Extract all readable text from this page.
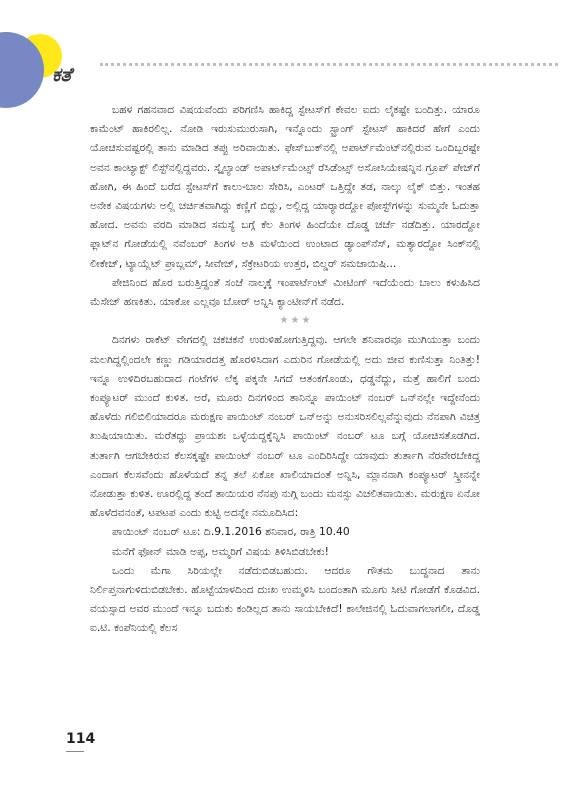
ಕತೆ

ಬಹಳ ಗಹನವಾದ ವಿಷಯವೆಂದು ಪರಿಗಣಿಸಿ ಹಾಕಿದ್ದ ಸ್ಟೇಟಸ್‌ಗೆ ಕೇವಲ ಐದು ಲೈಕಷ್ಟೇ ಬಂದಿತ್ತು. ಯಾರೂ ಕಾಮೆಂಟ್ ಹಾಕಿರಲಿಲ್ಲ. ನೋಡಿ ಇರುಸುಮುರುಸಾಗಿ, ಇನ್ನೊಂದು ಸ್ಟ್ರಾಂಗ್ ಸ್ಟೇಟಸ್ ಹಾಕಿದರೆ ಹೇಗೆ ಎಂದು ಯೋಚಿಸುವಷ್ಟರಲ್ಲಿ ತಾನು ಮಾಡಿದ ತಪ್ಪು ಅರಿವಾಯಿತು. ಫೇಸ್‌ಬುಕ್‌ನಲ್ಲಿ ಅಪಾರ್ಟ್‌ಮೆಂಟ್‌ನಲ್ಲಿರುವ ಒಂದಿಬ್ಬರಷ್ಟೇ ಅವನ ಕಾಂಟ್ಯಾಕ್ಟ್ ಲಿಸ್ಟ್‌ನಲ್ಲಿದ್ದವರು. ಸ್ಕೈಲ್ಯಾಂಡ್ ಅಪಾರ್ಟ್‌ಮೆಂಟ್ಸ್ ರೆಸಿಡೆಂಟ್ಸ್ ಅಸೋಸಿಯೇಷನ್ನಿನ ಗ್ರೂಪ್ ಪೇಜ್‌ಗೆ ಹೋಗಿ, ಈ ಹಿಂದೆ ಬರೆದ ಸ್ಟೇಟಸ್‌ಗೆ ಕಾಲು-ಬಾಲ ಸೇರಿಸಿ, ಎಂಟರ್ ಒತ್ತಿದ್ದೇ ತಡ, ನಾಲ್ಕು ಲೈಕ್ ಬಿತ್ತು. ಇಂತಹ ಅನೇಕ ವಿಷಯಗಳು ಅಲ್ಲಿ ಚರ್ಚಿತವಾಗಿದ್ದು ಕಣ್ಣಿಗೆ ಬಿದ್ದು, ಅಲ್ಲಿದ್ದ ಯಾರ್‍ಯಾರದ್ದೋ ಪೋಸ್ಟ್‌ಗಳನ್ನು ಸುಮ್ಮನೇ ಓದುತ್ತಾ ಹೋದ. ಅವನು ವರದಿ ಮಾಡಿದ ಸಮಸ್ಯೆ ಬಗ್ಗೆ ಕೆಲ ತಿಂಗಳ ಹಿಂದೆಯೇ ದೊಡ್ಡ ಚರ್ಚೆ ನಡೆದಿತ್ತು. ಯಾರದ್ದೋ ಫ್ಲಾಟ್‌ನ ಗೋಡೆಯಲ್ಲಿ ನವೆಂಬರ್ ತಿಂಗಳ ಅತಿ ಮಳೆಯಿಂದ ಉಂಟಾದ ಡ್ಯಾಂಪ್‌ನೆಸ್, ಮತ್ಯಾರದ್ದೋ ಸಿಂಕ್‌ನಲ್ಲಿ ಲೀಕೇಜ್, ಟ್ಯಾಯ್ಲೆಟ್ ಪ್ರಾಬ್ಲಮ್, ಸೀವೇಜ್, ಸೆಕ್ರೇಟರಿಯ ಉತ್ತರ, ಬಿಲ್ಡರ್ ಸಮಜಾಯಿಷಿ...

ಪೇಜಿನಿಂದ ಹೊರ ಬರುತ್ತಿದ್ದಂತೆ ಸಂಜೆ ನಾಲ್ಕಕ್ಕೆ ಇಂಪಾರ್ಟೆಂಟ್ ಮೀಟಿಂಗ್ ಇದೆಯೆಂದು ಬಾಲು ಕಳುಹಿಸಿದ ಮೆಸೇಜ್ ಹಣಕಿತು. ಯಾಕೋ ಎಲ್ಲವೂ ಬೋರ್ ಅನ್ನಿಸಿ ಕ್ಯಾಂಟೀನ್‌ಗೆ ನಡೆದ.

★★★

ದಿನಗಳು ರಾಕೆಟ್ ವೇಗದಲ್ಲಿ ಚಕಚಕನೆ ಉರುಳಿಹೋಗುತ್ತಿದ್ದವು. ಆಗಲೇ ಶನಿವಾರವೂ ಮುಗಿಯುತ್ತಾ ಬಂದು ಮಲಗಿದ್ದಲ್ಲಿಂದಲೇ ಕಣ್ಣು ಗಡಿಯಾರದತ್ತ ಹೊರಳಿಸಿದಾಗ ಎದುರಿನ ಗೋಡೆಯಲ್ಲಿ ಅದು ಜೀವ ಕುಣಿಸುತ್ತಾ ನಿಂತಿತ್ತು! ಇನ್ನೂ ಉಳಿದಿರಬಹುದಾದ ಗಂಟೆಗಳ ಲೆಕ್ಕ ಪಕ್ಕನೇ ಸಿಗದೆ ಆತಂಕಗೊಂಡು, ಧಡ್ಡನೆದ್ದು, ಮತ್ತೆ ಹಾಲಿಗೆ ಬಂದು ಕಂಪ್ಯೂಟರ್ ಮುಂದೆ ಕುಳಿತ. ಅರೆ, ಮೂರು ದಿನಗಳಿಂದ ತಾನಿನ್ನೂ ಪಾಯಿಂಟ್ ನಂಬರ್ ಒನ್‌ನಲ್ಲೇ ಇದ್ದೇನೆಂದು ಹೊಳೆದು ಗಲಿಬಿಲಿಯಾದರೂ ಮರುಕ್ಷಣ ಪಾಯಿಂಟ್ ನಂಬರ್ ಒನ್‌ಅನ್ನು ಅನುಸರಿಸಲಿಲ್ಲವೆನ್ನುವುದು ನೆನಪಾಗಿ ವಿಚಿತ್ರ ಖುಷಿಯಾಯಿತು. ಮರೆತದ್ದು ಪ್ರಾಯಶಃ ಒಳ್ಳೆಯದ್ದಕ್ಕೆನ್ನಿಸಿ ಪಾಯಿಂಟ್ ನಂಬರ್ ಟೂ ಬಗ್ಗೆ ಯೋಚಿಸತೊಡಗಿದ. ತುರ್ತಾಗಿ ಆಗಬೇಕಿರುವ ಕೆಲಸಕ್ಕಷ್ಟೇ ಪಾಯಿಂಟ್ ನಂಬರ್ ಟೂ ಎಂದಿರಿಸಿದ್ದೇ ಯಾವುದು ತುರ್ತಾಗಿ ನೆರವೇರಬೇಕಿದ್ದ ಎಂದಾಗ ಕೆಲಸವೆಂದು ಹೊಳೆಯದೆ ತನ್ನ ತಲೆ ಏಕೋ ಖಾಲಿಯಾದಂತೆ ಅನ್ನಿಸಿ, ಮ್ಲಾನನಾಗಿ ಕಂಪ್ಯೂಟರ್ ಸ್ಕ್ರೀನನ್ನೇ ನೋಡುತ್ತಾ ಕುಳಿತ. ಊರಲ್ಲಿದ್ದ ತಂದೆ ತಾಯಿಯರ ನೆನಪು ನುಗ್ಗಿ ಬಂದು ಮನಸ್ಸು ವಿಚಲಿತವಾಯಿತು. ಮರುಕ್ಷಣ ಏನೋ ಹೊಳೆದವನಂತೆ, ಟಪಟಪ ಎಂದು ಕುಟ್ಟಿ ಅದನ್ನೇ ನಮೂದಿಸಿದ:

ಪಾಯಿಂಟ್ ನಂಬರ್ ಟೂ: ದಿ.9.1.2016 ಶನಿವಾರ, ರಾತ್ರಿ 10.40

ಮನೆಗೆ ಫೋನ್ ಮಾಡಿ ಅಪ್ಪ, ಅಮ್ಮರಿಗೆ ವಿಷಯ ತಿಳಿಸಿಬಿಡಬೇಕು!

ಒಂದು ಮೆಗಾ ಸಿರಿಯಲ್ಲೇ ನಡೆದುಬಿಡಬಹುದು. ಆದರೂ ಗೌತಮ ಬುದ್ಧನಾದ ತಾನು ನಿರ್ಲಿಪ್ತನಾಗುಳಿದುಬಿಡಬೇಕು. ಹೊಟ್ಟೆಯಾಳದಿಂದ ದುಃಖ ಉಮ್ಮಳಿಸಿ ಬಂದಂತಾಗಿ ಮೂಗು ಸೀಟಿ ಗೋಡೆಗೆ ಕೊಡವಿದ. ವಯಸ್ಸಾದ ಅವರ ಮುಂದೆ ಇನ್ನೂ ಬದುಕು ಕಂಡಿಲ್ಲದ ತಾನು ಸಾಯಬೇಕಿದೆ! ಕಾಲೇಜಿನಲ್ಲಿ ಓದುವಾಗಲಾಗಲೀ, ದೊಡ್ಡ ಐ.ಟಿ. ಕಂಪೆನಿಯಲ್ಲಿ ಕೆಲಸ

114
